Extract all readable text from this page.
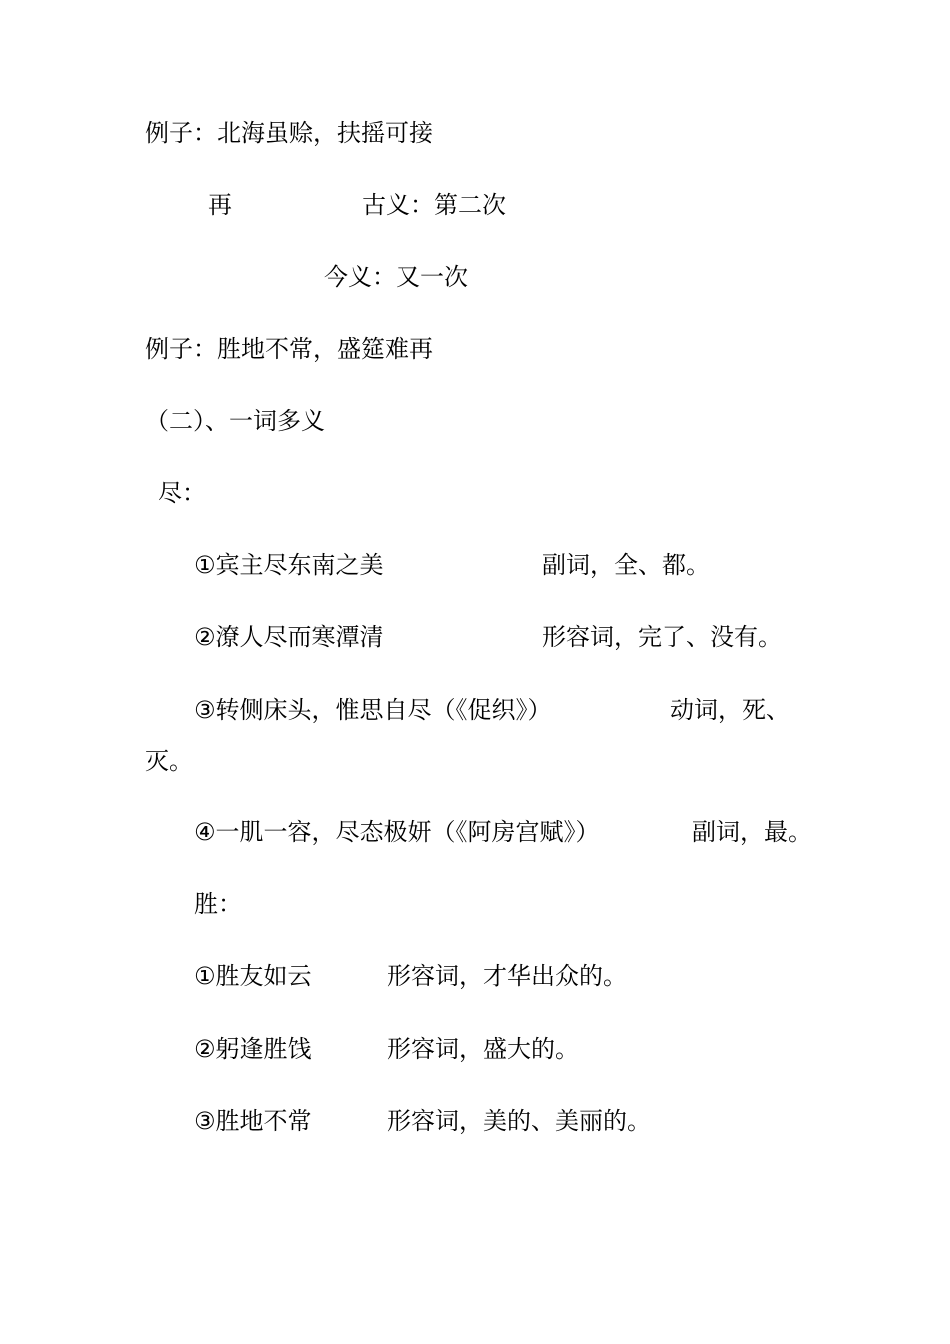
例子：北海虽赊，扶摇可接
再	古义：第二次
今义：又一次
例子：胜地不常，盛筵难再
（二）、一词多义
尽：
①宾主尽东南之美	副词，全、都。
②潦人尽而寒潭清	形容词，完了、没有。
③转侧床头，惟思自尽（《促织》）	动词，死、
灭。
④一肌一容，尽态极妍（《阿房宫赋》）	副词，最。
胜：
①胜友如云	形容词，才华出众的。
②躬逢胜饯	形容词，盛大的。
③胜地不常	形容词，美的、美丽的。
